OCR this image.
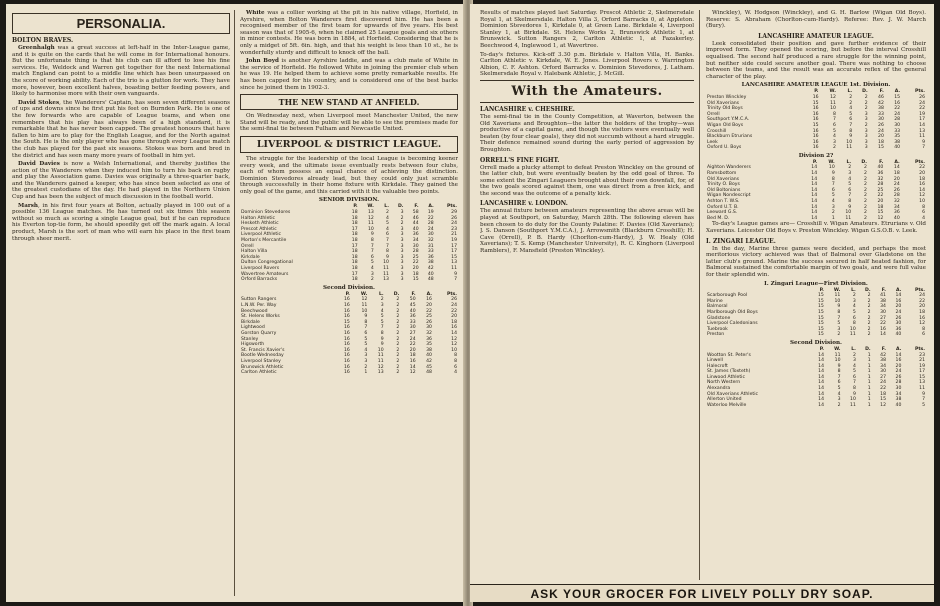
PERSONALIA.
BOLTON BRAVES.

Greenhalgh was a great success at left-half in the Inter-League game, and it is quite on the cards that he will come in for International honours. But the unfortunate thing is that his club can ill afford to lose his fine services. He, Weldock and Warren get together for the next International match England can point to a middle line which has been unsurpassed on the score of working ability. Each of the trio is a glutton for work. They have more, however, been excellent halves, boasting better feeding powers, and likely to harmonise more with their own vanguards.

David Stokes, the Wanderers' Captain, has seen seven different seasons of ups and downs since he first put his feet on Burnden Park. He is one of the few forwards who are capable of League teams, and when one remembers that his play has always been of a high standard, it is remarkable that he has never been capped. The greatest honours that have fallen to him are to play for the English League, and for the North against the South. He is the only player who has gone through every League match the club has played for the past six seasons. Stokes was born and bred in the district and has seen many more years of football in him yet.

David Davies is now a Welsh International, and thereby justifies the action of the Wanderers when they induced him to turn his back on rugby and play the Association game. Davies was originally a three-quarter back, and the Wanderers gained a keeper, who has since been selected as one of the greatest custodians of the day. He had played in the Northern Union Cup and has been the subject of much discussion in the football world.

Marsh, in his first four years at Bolton, actually played in 100 out of a possible 136 League matches. He has turned out six times this season without so much as scoring a single League goal, but if he can reproduce his Everton top-tie form, he should speedily get off the mark again. A local product, Marsh is the sort of man who will earn his place in the first team through sheer merit.

White was a collier working at the pit in his native village, Horfield, in Ayrshire, when Bolton Wanderers first discovered him. He has been a recognised member of the first team for upwards of five years. His best season was that of 1905-6, when he claimed 25 League goals and six others in minor contests. He was born in 1884, at Horfield. Considering that he is only a midget of 5ft. 6in. high, and that his weight is less than 10 st., he is wonderfully sturdy and difficult to knock off the ball.

John Boyd is another Ayrshire laddie, and was a club mate of White in the service of Horfield. He followed White in joining the premier club when he was 19. He helped them to achieve some pretty remarkable results. He has been capped for his country, and is considered one of the best backs since he joined them in 1902-3.

THE NEW STAND AT ANFIELD.

On Wednesday next, when Liverpool meet Manchester United, the new Stand will be ready, and the public will be able to see the premises made for the semi-final tie between Fulham and Newcastle United.

LIVERPOOL & DISTRICT LEAGUE.

The struggle for the leadership of the local League is becoming keener every week, and the ultimate issue eventually rests between four clubs, each of whom possess an equal chance of achieving the distinction. Dominion Stevedores already lead, but they could only just scramble through successfully in their home fixture with Kirkdale. They gained the only goal of the game, and this carried with it the valuable two points.

SENIOR DIVISION.
	P.	W.	L.	D.	F.	A.	Pts.
Dominion Stevedores	18	13	2	3	58	19	29
Halton Athletic	18	12	4	2	46	22	26
Hesketh Athletic	18	11	5	2	44	28	24
Prescot Athletic	17	10	4	3	40	24	23
Liverpool Athletic	18	9	6	3	36	30	21
Morton's Mercantile	18	8	7	3	34	32	19
Orrell	17	7	7	3	30	31	17
Halton Villa	18	7	8	3	28	33	17
Kirkdale	18	6	9	3	25	36	15
Dulton Congregational	18	5	10	3	22	38	13
Liverpool Rovers	18	4	11	3	20	42	11
Wavertree Amateurs	17	3	11	3	18	40	9
Orford Barracks	18	2	13	3	15	48	7
Second Division.
	P.	W.	L.	D.	F.	A.	Pts.
Sutton Rangers	16	12	2	2	50	16	26
L.N.W. Per. Way	16	11	3	2	45	20	24
Beechwood	16	10	4	2	40	22	22
St. Helens Works	16	9	5	2	36	25	20
Birkdale	15	8	5	2	33	26	18
Lightwood	16	7	7	2	30	30	16
Gorston Quarry	16	6	8	2	27	32	14
Stanley	16	5	9	2	24	36	12
Higsworth	16	5	9	2	22	35	12
St. Francis Xavier's	16	4	10	2	20	38	10
Bootle Wednesday	16	3	11	2	18	40	8
Liverpool Stanley	16	3	11	2	16	42	8
Brunswick Athletic	16	2	12	2	14	45	6
Carlton Athletic	16	1	13	2	12	48	4

Results of matches played last Saturday. Prescot Athletic 2, Skelmersdale Royal 1, at Skelmersdale. Halton Villa 3, Orford Barracks 0, at Appleton. Dominion Stevedores 1, Kirkdale 0, at Green Lane. Birkdale 4, Liverpool Stanley 1, at Birkdale. St. Helens Works 2, Brunswick Athletic 1, at Brunswick. Sutton Rangers 2, Carlton Athletic 1, at Fazakerley. Beechwood 4, Inglewood 1, at Wavertree.

To-day's fixtures. Kick-off 3.30 p.m. Birkdale v. Halton Villa, H. Banks. Carlton Athletic v. Kirkdale, W. E. Jones. Liverpool Rovers v. Warrington Albion, C. F. Ashton. Orford Barracks v. Dominion Stevedores, J. Latham. Skelmersdale Royal v. Halebank Athletic, J. McGill.

With the Amateurs.
LANCASHIRE v. CHESHIRE.

The semi-final tie in the County Competition, at Waverton, between the Old Xaverians and Broughton—the latter the holders of the trophy—was productive of a capital game, and though the visitors were eventually well beaten (by four clear goals), they did not succumb without a hard struggle. Their defence remained sound during the early period of aggression by Broughton.

ORRELL'S FINE FIGHT.

Orrell made a plucky attempt to defeat Preston Winckley on the ground of the latter club, but were eventually beaten by the odd goal of three. To some extent the Zingari Leaguers brought about their own downfall, for, of the two goals scored against them, one was direct from a free kick, and the second was the outcome of a penalty kick.

LANCASHIRE v. LONDON.

The annual fixture between amateurs representing the above areas will be played at Southport, on Saturday, March 28th. The following eleven has been chosen to do duty for the County Palatine: F. Davies (Old Xaverians); J. S. Danson (Southport Y.M.C.A.), J. Arrowsmith (Blackburn Crosshill); H. Cave (Orrell), P. B. Hardy (Chorlton-cum-Hardy), J. W. Healy (Old Xaverians); T. S. Kemp (Manchester University), R. C. Kinghorn (Liverpool Ramblers), F. Mansfield (Preston Winckley).

Winckley), W. Hodgson (Winckley), and G. H. Barlow (Wigan Old Boys). Reserve: S. Abraham (Chorlton-cum-Hardy). Referee: Rev. J. W. March (Bury).

LANCASHIRE AMATEUR LEAGUE.

Leek consolidated their position and gave further evidence of their improved form. They opened the scoring, but before the interval Crosshill equalised. The second half produced a rare struggle for the winning point, but neither side could secure another goal. There was nothing to choose between the teams, and the result was an accurate reflex of the general character of the play.

LANCASHIRE AMATEUR LEAGUE 1st. Division.
	P.	W.	L.	D.	F.	A.	Pts.
Preston Winckley	16	12	2	2	46	15	26
Old Xaverians	15	11	2	2	42	16	24
Trinity Old Boys	16	10	4	2	38	22	22
Orrell	16	8	5	3	33	24	19
Southport Y.M.C.A.	16	7	6	3	30	28	17
Wigan Old Boys	15	6	7	2	26	30	14
Crosshill	16	5	8	3	24	33	13
Blackburn Etrurians	16	4	9	3	20	35	11
Leek	16	3	10	3	18	38	9
Oxford U. Boys	16	2	11	3	15	40	7
Division 2?
	P.	W.	L.	D.	F.	A.	Pts.
Aighton Wanderers	14	10	2	2	40	14	22
Ramsbottom	14	9	3	2	36	18	20
Old Xaverians	14	8	4	2	32	20	18
Trinity O. Boys	14	7	5	2	28	24	16
Old Boltonians	14	6	6	2	25	26	14
Wigan Nondescript	14	5	7	2	22	28	12
Ashton T. W.S.	14	4	8	2	20	32	10
Oxford U.T. B.	14	3	9	2	18	34	8
Leeward G.S.	14	2	10	2	15	36	6
Bed M. D.	14	1	11	2	12	40	4

To-day's League games are— Crosshill v. Wigan Amateurs. Etrurians v. Old Xaverians. Leicester Old Boys v. Preston Winckley. Wigan G.S.O.B. v. Leek.

I. ZINGARI LEAGUE.

In the day, Marine three games were decided, and perhaps the most meritorious victory achieved was that of Balmoral over Gladstone on the latter club's ground. Marine the success secured in half heated fashion, for Balmoral sustained the comfortable margin of two goals, and were full value for their splendid win.

I. Zingari League—First Division.
	P.	W.	L.	D.	F.	A.	Pts.
Scarborough Pool	15	11	2	2	41	14	24
Marine	15	10	3	2	38	16	22
Balmoral	15	9	4	2	34	20	20
Marlborough Old Boys	15	8	5	2	30	24	18
Gladstone	15	7	6	2	27	26	16
Liverpool Caledonians	15	5	8	2	22	30	12
Tuebrook	15	3	10	2	16	36	8
Preston	15	2	11	2	14	40	6
Second Division.
	P.	W.	L.	D.	F.	A.	Pts.
Wootton St. Peter's	14	11	2	1	42	14	23
Linwell	14	10	3	1	38	16	21
Halecroft	14	9	4	1	34	20	19
St. James (Toxteth)	14	8	5	1	30	24	17
Linwood Athletic	14	7	6	1	27	26	15
North Western	14	6	7	1	24	28	13
Alexandra	14	5	8	1	22	30	11
Old Xaverians Athletic	14	4	9	1	18	34	9
Allerton United	14	3	10	1	15	38	7
Waterloo Melville	14	2	11	1	12	40	5
ASK YOUR GROCER FOR LIVELY POLLY DRY SOAP.
